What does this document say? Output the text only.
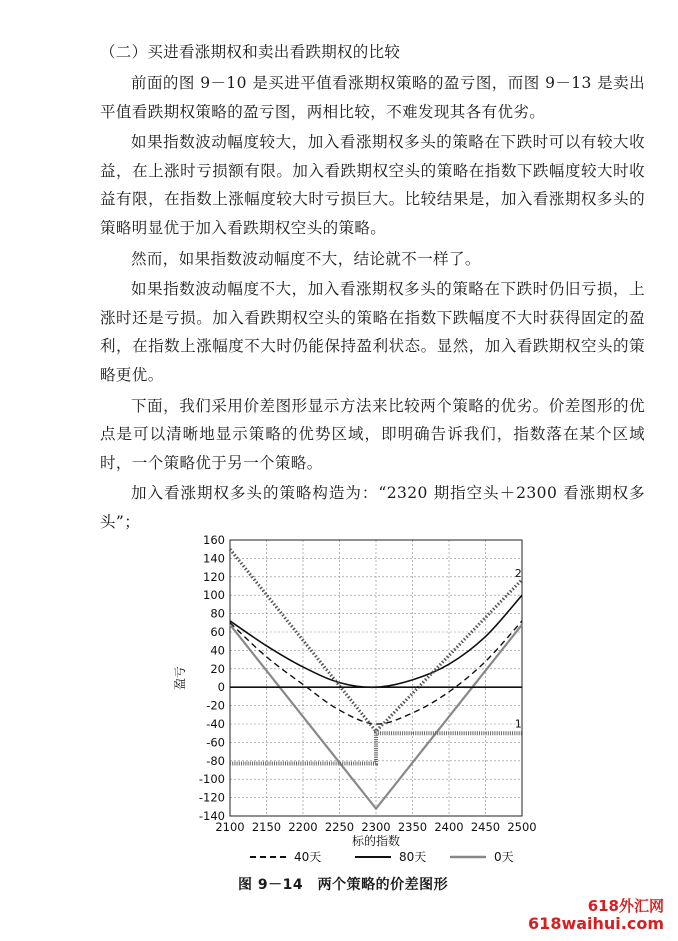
（二）买进看涨期权和卖出看跌期权的比较

前面的图 9－10 是买进平值看涨期权策略的盈亏图，而图 9－13 是卖出平值看跌期权策略的盈亏图，两相比较，不难发现其各有优劣。

如果指数波动幅度较大，加入看涨期权多头的策略在下跌时可以有较大收益，在上涨时亏损额有限。加入看跌期权空头的策略在指数下跌幅度较大时收益有限，在指数上涨幅度较大时亏损巨大。比较结果是，加入看涨期权多头的策略明显优于加入看跌期权空头的策略。

然而，如果指数波动幅度不大，结论就不一样了。

如果指数波动幅度不大，加入看涨期权多头的策略在下跌时仍旧亏损，上涨时还是亏损。加入看跌期权空头的策略在指数下跌幅度不大时获得固定的盈利，在指数上涨幅度不大时仍能保持盈利状态。显然，加入看跌期权空头的策略更优。

下面，我们采用价差图形显示方法来比较两个策略的优劣。价差图形的优点是可以清晰地显示策略的优势区域，即明确告诉我们，指数落在某个区域时，一个策略优于另一个策略。

加入看涨期权多头的策略构造为：“2320 期指空头＋2300 看涨期权多头”；

160
140
120
100
80
60
40
20
0
-20
-40
-60
-80
-100
-120
-140
2100 2150 2200 2250 2300 2350 2400 2450 2500
标的指数
盈亏
2
1
40天	80天	0天
图 9－14　两个策略的价差图形
618外汇网
618waihui.com
